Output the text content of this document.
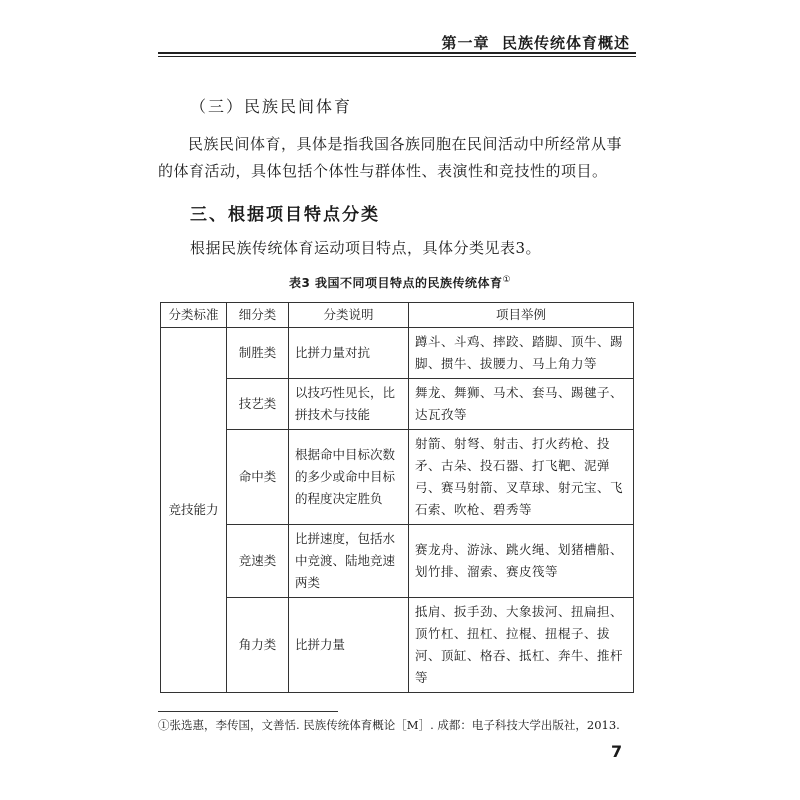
第一章  民族传统体育概述
（三）民族民间体育

民族民间体育，具体是指我国各族同胞在民间活动中所经常从事的体育活动，具体包括个体性与群体性、表演性和竞技性的项目。

三、根据项目特点分类
根据民族传统体育运动项目特点，具体分类见表3。
表3 我国不同项目特点的民族传统体育①
分类标准	细分类	分类说明	项目举例
竞技能力	制胜类	比拼力量对抗	蹲斗、斗鸡、摔跤、踏脚、顶牛、踢脚、掼牛、拔腰力、马上角力等
	技艺类	以技巧性见长，比拼技术与技能	舞龙、舞狮、马术、套马、踢毽子、达瓦孜等
	命中类	根据命中目标次数的多少或命中目标的程度决定胜负	射箭、射弩、射击、打火药枪、投矛、古朵、投石器、打飞靶、泥弹弓、赛马射箭、叉草球、射元宝、飞石索、吹枪、碧秀等
	竞速类	比拼速度，包括水中竞渡、陆地竞速两类	赛龙舟、游泳、跳火绳、划猪槽船、划竹排、溜索、赛皮筏等
	角力类	比拼力量	抵肩、扳手劲、大象拔河、扭扁担、顶竹杠、扭杠、拉棍、扭棍子、拔河、顶缸、格吞、抵杠、奔牛、推杆等
①张选惠，李传国，文善恬. 民族传统体育概论［M］. 成都：电子科技大学出版社，2013.
7
